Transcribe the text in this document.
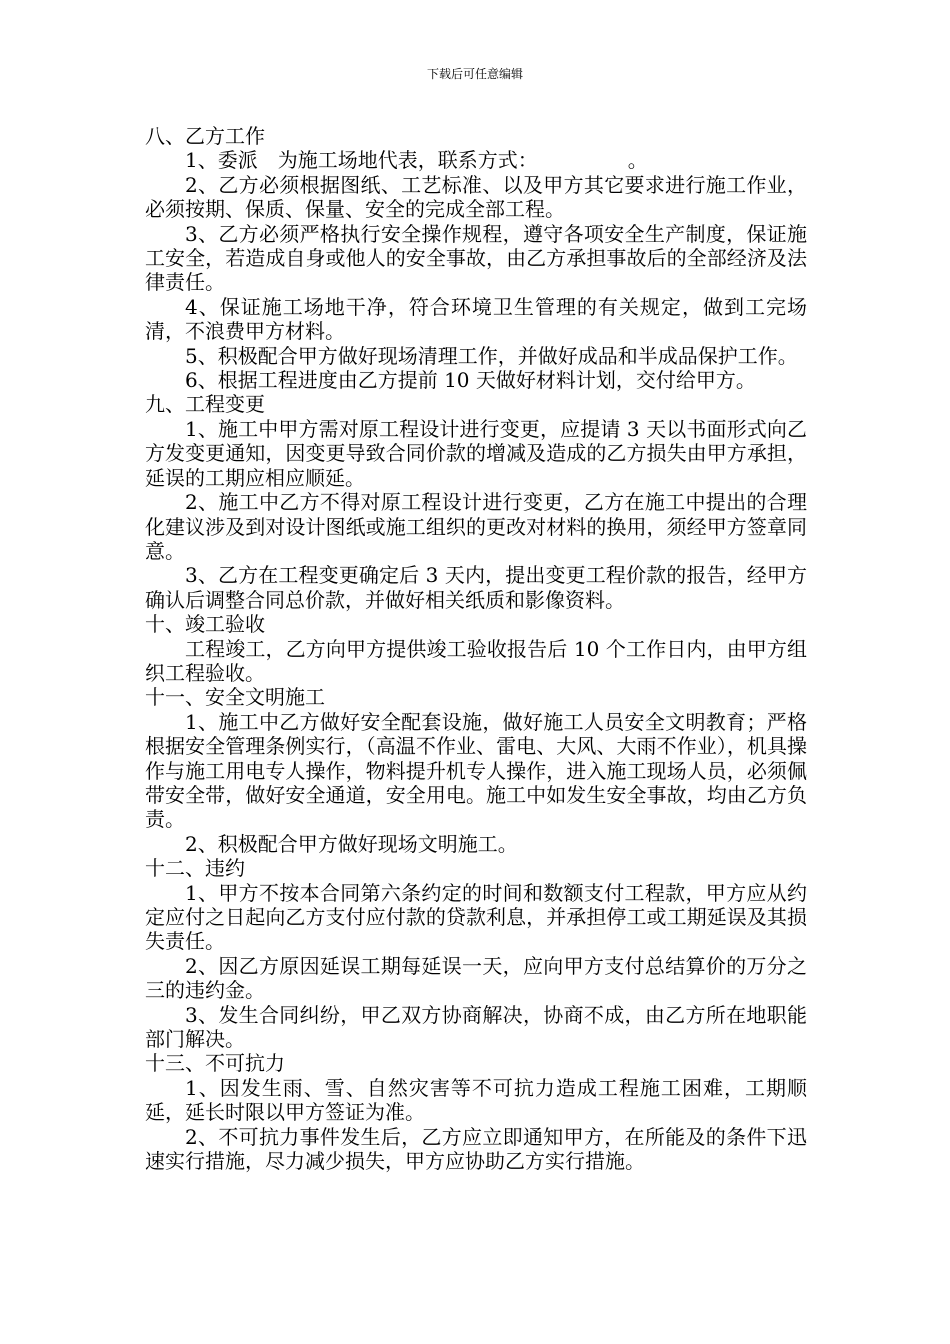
下载后可任意编辑

八、乙方工作

1、委派　为施工场地代表，联系方式：　　　　　。

2、乙方必须根据图纸、工艺标准、以及甲方其它要求进行施工作业，必须按期、保质、保量、安全的完成全部工程。

3、乙方必须严格执行安全操作规程，遵守各项安全生产制度，保证施工安全，若造成自身或他人的安全事故，由乙方承担事故后的全部经济及法律责任。

4、保证施工场地干净，符合环境卫生管理的有关规定，做到工完场清，不浪费甲方材料。

5、积极配合甲方做好现场清理工作，并做好成品和半成品保护工作。

6、根据工程进度由乙方提前 10 天做好材料计划，交付给甲方。

九、工程变更

1、施工中甲方需对原工程设计进行变更，应提请 3 天以书面形式向乙方发变更通知，因变更导致合同价款的增减及造成的乙方损失由甲方承担，延误的工期应相应顺延。

2、施工中乙方不得对原工程设计进行变更，乙方在施工中提出的合理化建议涉及到对设计图纸或施工组织的更改对材料的换用，须经甲方签章同意。

3、乙方在工程变更确定后 3 天内，提出变更工程价款的报告，经甲方确认后调整合同总价款，并做好相关纸质和影像资料。

十、竣工验收

工程竣工，乙方向甲方提供竣工验收报告后 10 个工作日内，由甲方组织工程验收。

十一、安全文明施工

1、施工中乙方做好安全配套设施，做好施工人员安全文明教育；严格根据安全管理条例实行，（高温不作业、雷电、大风、大雨不作业），机具操作与施工用电专人操作，物料提升机专人操作，进入施工现场人员，必须佩带安全带，做好安全通道，安全用电。施工中如发生安全事故，均由乙方负责。

2、积极配合甲方做好现场文明施工。

十二、违约

1、甲方不按本合同第六条约定的时间和数额支付工程款，甲方应从约定应付之日起向乙方支付应付款的贷款利息，并承担停工或工期延误及其损失责任。

2、因乙方原因延误工期每延误一天，应向甲方支付总结算价的万分之三的违约金。

3、发生合同纠纷，甲乙双方协商解决，协商不成，由乙方所在地职能部门解决。

十三、不可抗力

1、因发生雨、雪、自然灾害等不可抗力造成工程施工困难，工期顺延，延长时限以甲方签证为准。

2、不可抗力事件发生后，乙方应立即通知甲方，在所能及的条件下迅速实行措施，尽力减少损失，甲方应协助乙方实行措施。
